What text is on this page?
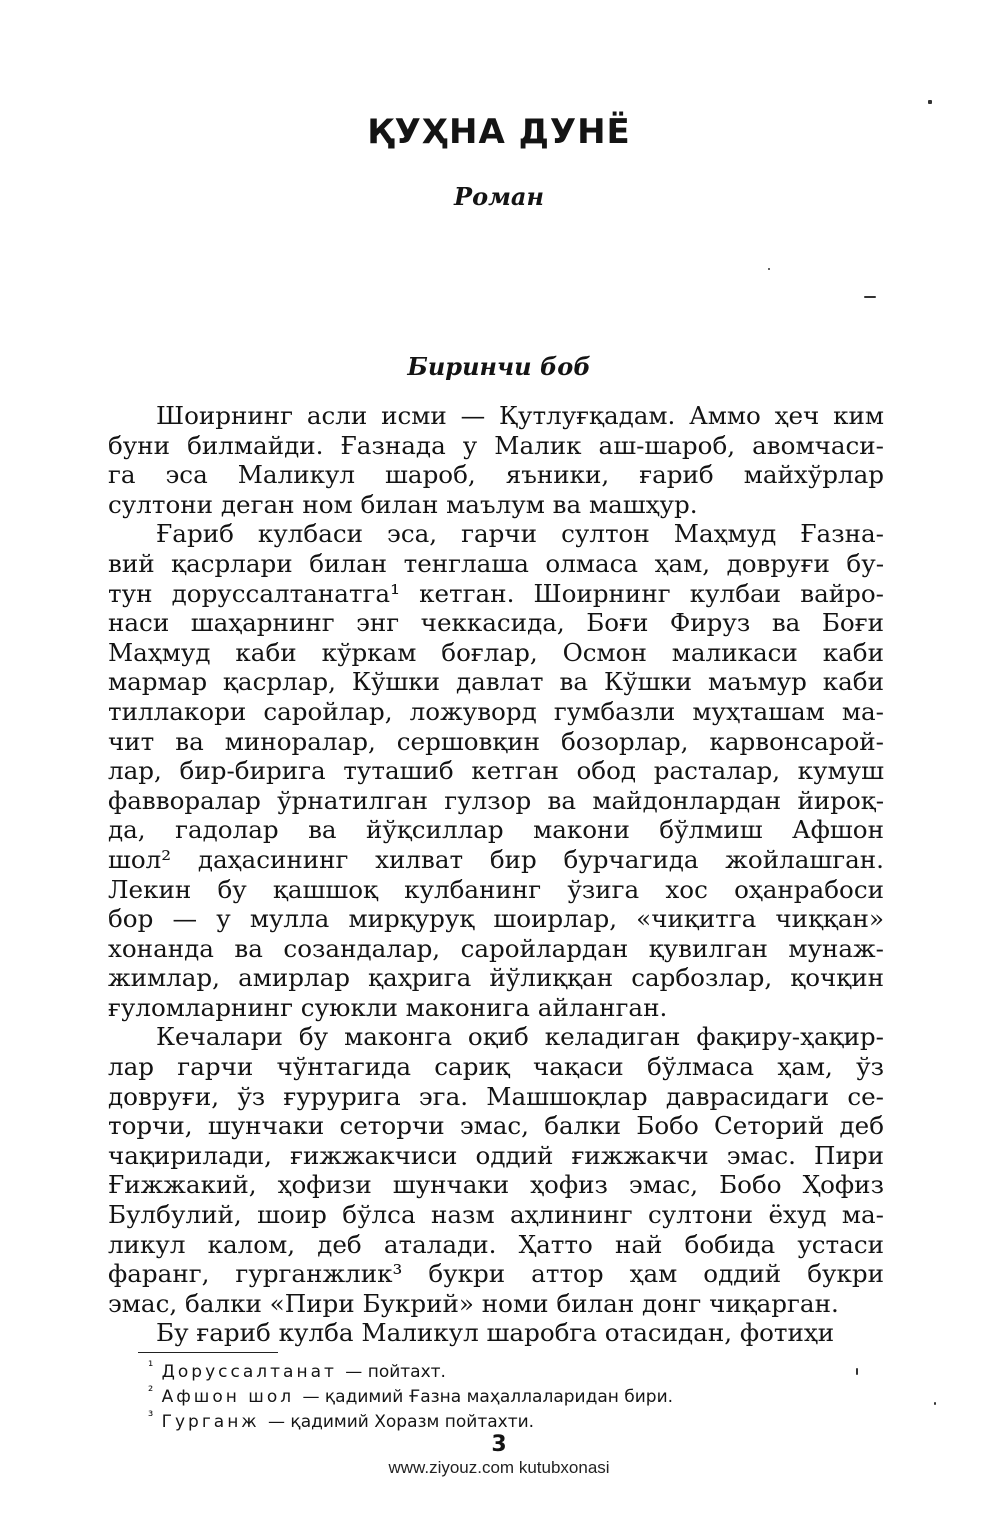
ҚУҲНА ДУНЁ
Роман
Биринчи боб
Шоирнинг асли исми — Қутлуғқадам. Аммо ҳеч ким
буни билмайди. Ғазнада у Малик аш-шароб, авомчаси-
га эса Маликул шароб, яъники, ғариб майхўрлар
султони деган ном билан маълум ва машҳур.
Ғариб кулбаси эса, гарчи султон Маҳмуд Ғазна-
вий қасрлари билан тенглаша олмаса ҳам, довруғи бу-
тун доруссалтанатга¹ кетган. Шоирнинг кулбаи вайро-
наси шаҳарнинг энг чеккасида, Боғи Фируз ва Боғи
Маҳмуд каби кўркам боғлар, Осмон маликаси каби
мармар қасрлар, Кўшки давлат ва Кўшки маъмур каби
тиллакори саройлар, ложуворд гумбазли муҳташам ма-
чит ва миноралар, сершовқин бозорлар, карвонсарой-
лар, бир-бирига туташиб кетган обод расталар, кумуш
фавворалар ўрнатилган гулзор ва майдонлардан йироқ-
да, гадолар ва йўқсиллар макони бўлмиш Афшон
шол² даҳасининг хилват бир бурчагида жойлашган.
Лекин бу қашшоқ кулбанинг ўзига хос оҳанрабоси
бор — у мулла мирқуруқ шоирлар, «чиқитга чиққан»
хонанда ва созандалар, саройлардан қувилган мунаж-
жимлар, амирлар қаҳрига йўлиққан сарбозлар, қочқин
ғуломларнинг суюкли маконига айланган.
Кечалари бу маконга оқиб келадиган фақиру-ҳақир-
лар гарчи чўнтагида сариқ чақаси бўлмаса ҳам, ўз
довруғи, ўз ғурурига эга. Машшоқлар даврасидаги се-
торчи, шунчаки сеторчи эмас, балки Бобо Сеторий деб
чақирилади, ғижжакчиси оддий ғижжакчи эмас. Пири
Ғижжакий, ҳофизи шунчаки ҳофиз эмас, Бобо Ҳофиз
Булбулий, шоир бўлса назм аҳлининг султони ёхуд ма-
ликул калом, деб аталади. Ҳатто най бобида устаси
фаранг, гурганжлик³ букри аттор ҳам оддий букри
эмас, балки «Пири Букрий» номи билан донг чиқарган.
Бу ғариб кулба Маликул шаробга отасидан, фотиҳи
$^{^1}$ Доруссалтанат — пойтахт.
$^{^2}$ Афшон шол — қадимий Ғазна маҳаллаларидан бири.
$^{^3}$ Гурганж — қадимий Хоразм пойтахти.
3
www.ziyouz.com kutubxonasi
